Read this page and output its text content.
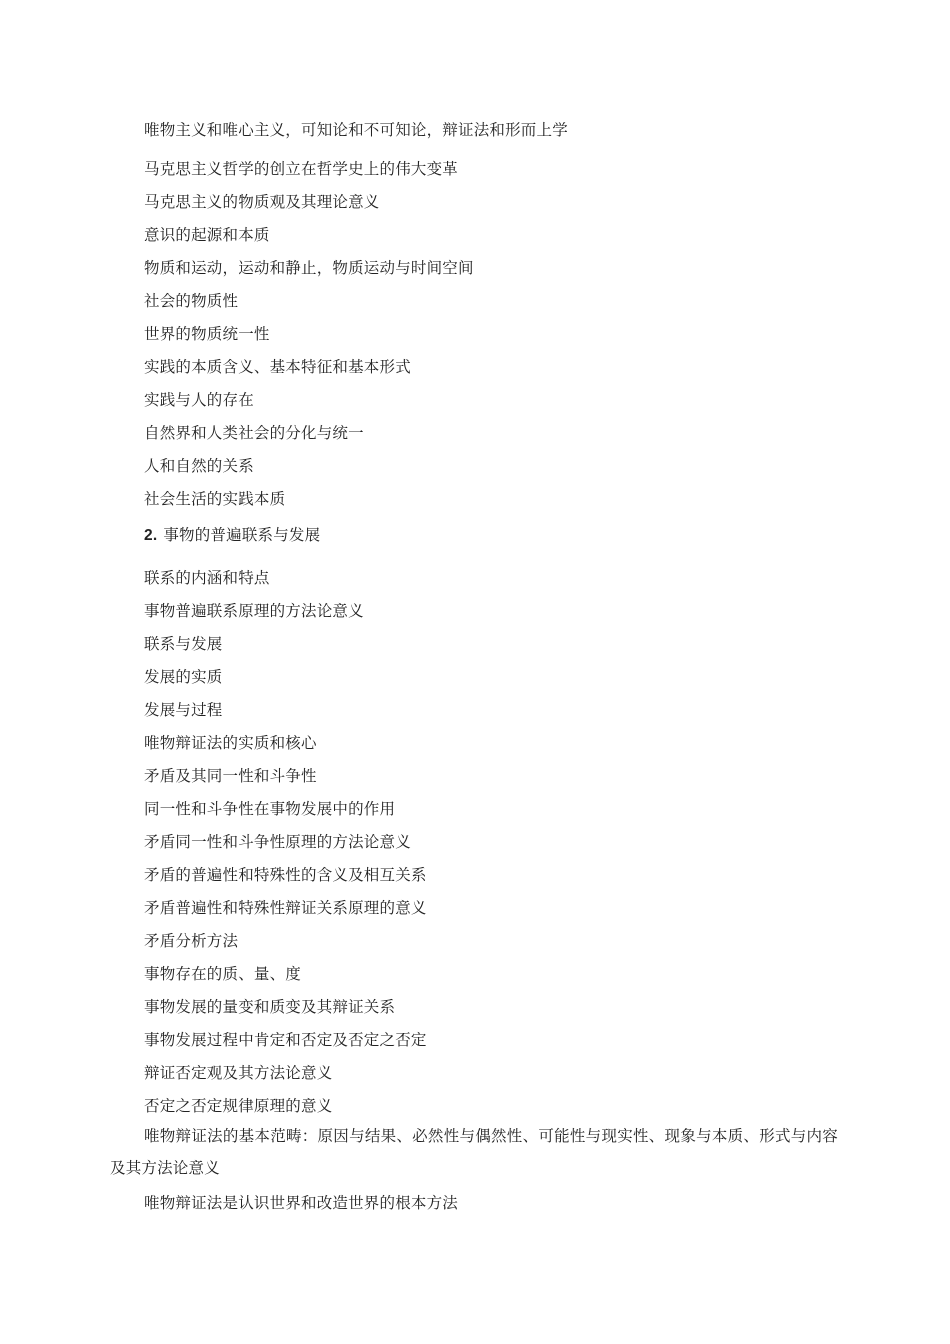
唯物主义和唯心主义，可知论和不可知论，辩证法和形而上学
马克思主义哲学的创立在哲学史上的伟大变革
马克思主义的物质观及其理论意义
意识的起源和本质
物质和运动，运动和静止，物质运动与时间空间
社会的物质性
世界的物质统一性
实践的本质含义、基本特征和基本形式
实践与人的存在
自然界和人类社会的分化与统一
人和自然的关系
社会生活的实践本质
2. 事物的普遍联系与发展
联系的内涵和特点
事物普遍联系原理的方法论意义
联系与发展
发展的实质
发展与过程
唯物辩证法的实质和核心
矛盾及其同一性和斗争性
同一性和斗争性在事物发展中的作用
矛盾同一性和斗争性原理的方法论意义
矛盾的普遍性和特殊性的含义及相互关系
矛盾普遍性和特殊性辩证关系原理的意义
矛盾分析方法
事物存在的质、量、度
事物发展的量变和质变及其辩证关系
事物发展过程中肯定和否定及否定之否定
辩证否定观及其方法论意义
否定之否定规律原理的意义
唯物辩证法的基本范畴：原因与结果、必然性与偶然性、可能性与现实性、现象与本质、形式与内容及其方法论意义
唯物辩证法是认识世界和改造世界的根本方法
